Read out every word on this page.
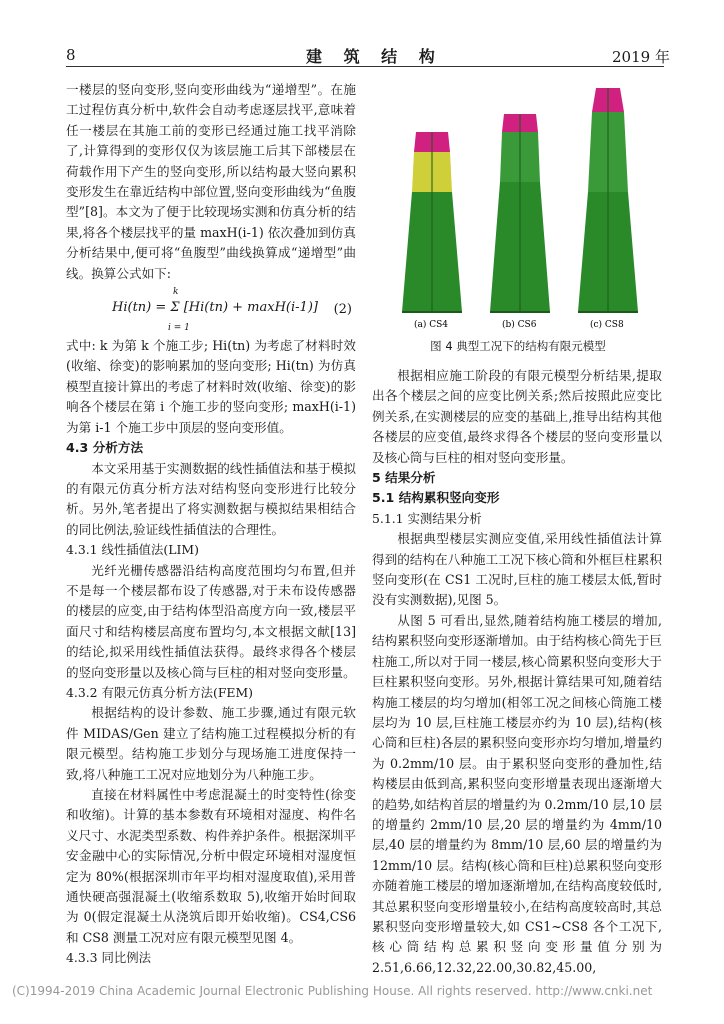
8	建 筑 结 构	2019 年

一楼层的竖向变形,竖向变形曲线为“递增型”。在施工过程仿真分析中,软件会自动考虑逐层找平,意味着任一楼层在其施工前的变形已经通过施工找平消除了,计算得到的变形仅仅为该层施工后其下部楼层在荷载作用下产生的竖向变形,所以结构最大竖向累积变形发生在靠近结构中部位置,竖向变形曲线为“鱼腹型”[8]。本文为了便于比较现场实测和仿真分析的结果,将各个楼层找平的量 maxH(i-1) 依次叠加到仿真分析结果中,便可将“鱼腹型”曲线换算成“递增型”曲线。换算公式如下:

Hi(tn) = Σ [Hi(tn) + maxH(i-1)]
k
i = 1
(2)

式中: k 为第 k 个施工步; Hi(tn) 为考虑了材料时效(收缩、徐变)的影响累加的竖向变形; Hi(tn) 为仿真模型直接计算出的考虑了材料时效(收缩、徐变)的影响各个楼层在第 i 个施工步的竖向变形; maxH(i-1) 为第 i-1 个施工步中顶层的竖向变形值。

4.3 分析方法

本文采用基于实测数据的线性插值法和基于模拟的有限元仿真分析方法对结构竖向变形进行比较分析。另外,笔者提出了将实测数据与模拟结果相结合的同比例法,验证线性插值法的合理性。

4.3.1 线性插值法(LIM)

光纤光栅传感器沿结构高度范围均匀布置,但并不是每一个楼层都布设了传感器,对于未布设传感器的楼层的应变,由于结构体型沿高度方向一致,楼层平面尺寸和结构楼层高度布置均匀,本文根据文献[13]的结论,拟采用线性插值法获得。最终求得各个楼层的竖向变形量以及核心筒与巨柱的相对竖向变形量。

4.3.2 有限元仿真分析方法(FEM)

根据结构的设计参数、施工步骤,通过有限元软件 MIDAS/Gen 建立了结构施工过程模拟分析的有限元模型。结构施工步划分与现场施工进度保持一致,将八种施工工况对应地划分为八种施工步。

直接在材料属性中考虑混凝土的时变特性(徐变和收缩)。计算的基本参数有环境相对湿度、构件名义尺寸、水泥类型系数、构件养护条件。根据深圳平安金融中心的实际情况,分析中假定环境相对湿度恒定为 80%(根据深圳市年平均相对湿度取值),采用普通快硬高强混凝土(收缩系数取 5),收缩开始时间取为 0(假定混凝土从浇筑后即开始收缩)。CS4,CS6 和 CS8 测量工况对应有限元模型见图 4。

4.3.3 同比例法

(a) CS4	(b) CS6	(c) CS8
图 4 典型工况下的结构有限元模型

根据相应施工阶段的有限元模型分析结果,提取出各个楼层之间的应变比例关系;然后按照此应变比例关系,在实测楼层的应变的基础上,推导出结构其他各楼层的应变值,最终求得各个楼层的竖向变形量以及核心筒与巨柱的相对竖向变形量。

5 结果分析

5.1 结构累积竖向变形

5.1.1 实测结果分析

根据典型楼层实测应变值,采用线性插值法计算得到的结构在八种施工工况下核心筒和外框巨柱累积竖向变形(在 CS1 工况时,巨柱的施工楼层太低,暂时没有实测数据),见图 5。

从图 5 可看出,显然,随着结构施工楼层的增加,结构累积竖向变形逐渐增加。由于结构核心筒先于巨柱施工,所以对于同一楼层,核心筒累积竖向变形大于巨柱累积竖向变形。另外,根据计算结果可知,随着结构施工楼层的均匀增加(相邻工况之间核心筒施工楼层均为 10 层,巨柱施工楼层亦约为 10 层),结构(核心筒和巨柱)各层的累积竖向变形亦均匀增加,增量约为 0.2mm/10 层。由于累积竖向变形的叠加性,结构楼层由低到高,累积竖向变形增量表现出逐渐增大的趋势,如结构首层的增量约为 0.2mm/10 层,10 层的增量约 2mm/10 层,20 层的增量约为 4mm/10 层,40 层的增量约为 8mm/10 层,60 层的增量约为 12mm/10 层。结构(核心筒和巨柱)总累积竖向变形亦随着施工楼层的增加逐渐增加,在结构高度较低时,其总累积竖向变形增量较小,在结构高度较高时,其总累积竖向变形增量较大,如 CS1~CS8 各个工况下,核心筒结构总累积竖向变形量值分别为 2.51,6.66,12.32,22.00,30.82,45.00,

(C)1994-2019 China Academic Journal Electronic Publishing House. All rights reserved. http://www.cnki.net
